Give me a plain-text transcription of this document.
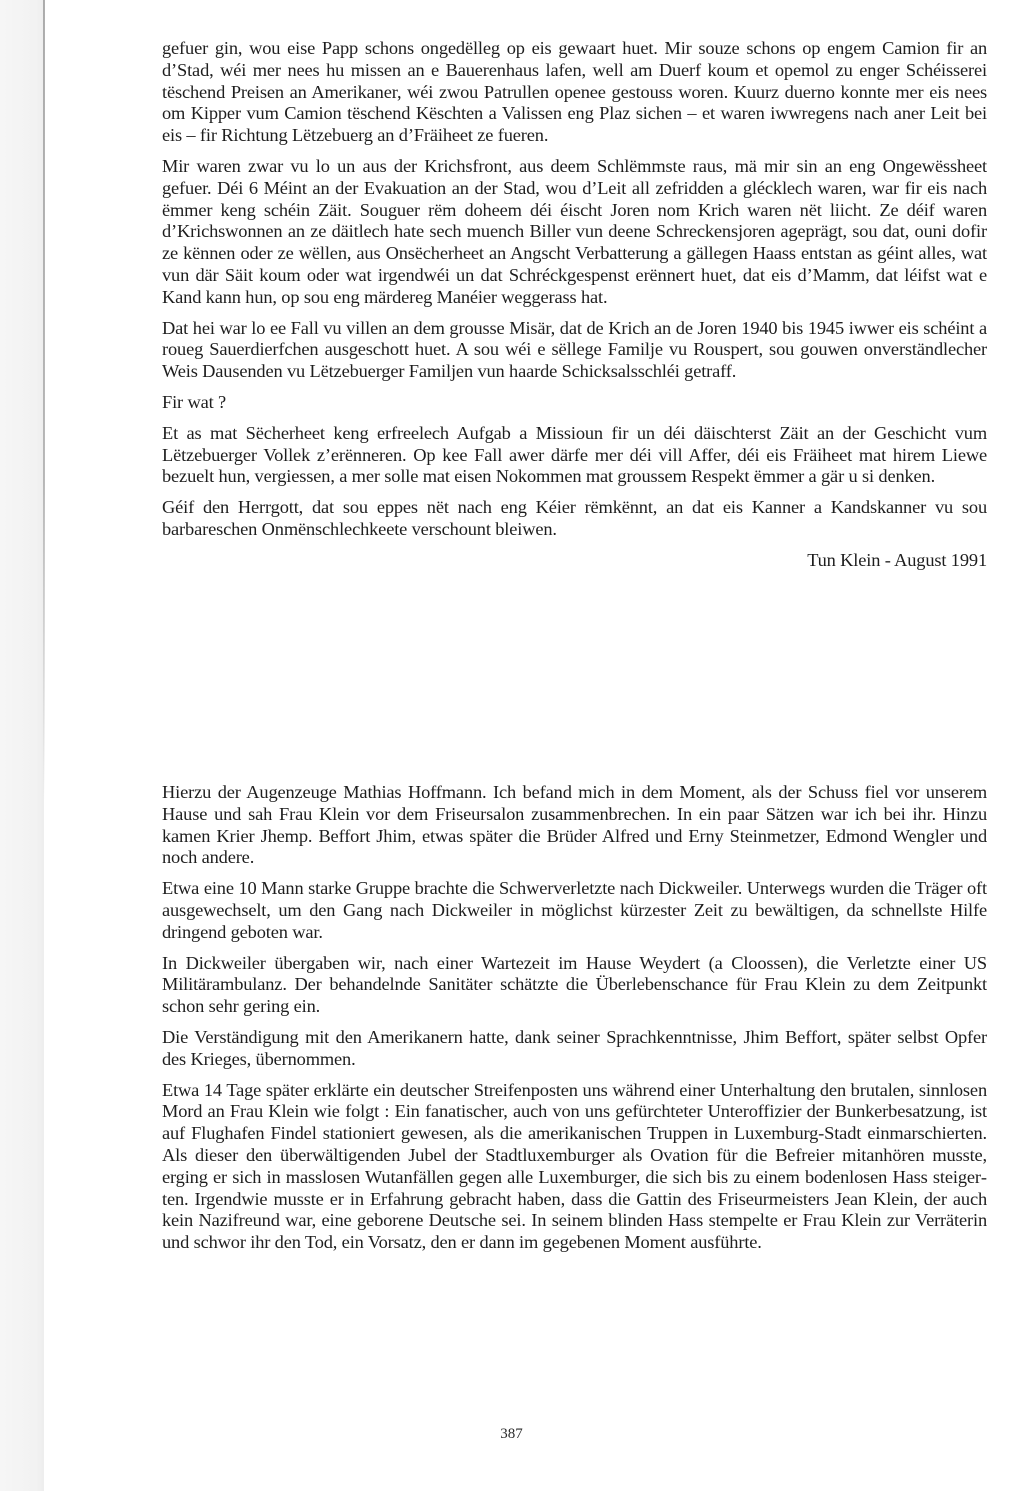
gefuer gin, wou eise Papp schons ongedëlleg op eis gewaart huet. Mir souze schons op engem Camion fir an d’Stad, wéi mer nees hu missen an e Bauerenhaus lafen, well am Duerf koum et opemol zu enger Schéisserei tëschend Preisen an Amerikaner, wéi zwou Patrullen openee gestouss woren. Kuurz duerno konnte mer eis nees om Kipper vum Camion tëschend Këschten a Valissen eng Plaz sichen – et waren iwwregens nach aner Leit bei eis – fir Richtung Lëtzebuerg an d’Fräiheet ze fueren.

Mir waren zwar vu lo un aus der Krichsfront, aus deem Schlëmmste raus, mä mir sin an eng Ongewëssheet gefuer. Déi 6 Méint an der Evakuation an der Stad, wou d’Leit all zefridden a glécklech waren, war fir eis nach ëmmer keng schéin Zäit. Souguer rëm doheem déi éischt Joren nom Krich waren nët liicht. Ze déif waren d’Krichswonnen an ze däitlech hate sech muench Biller vun deene Schreckensjoren ageprägt, sou dat, ouni dofir ze kënnen oder ze wëllen, aus Onsëcherheet an Angscht Verbatterung a gällegen Haass entstan as géint alles, wat vun där Säit koum oder wat irgendwéi un dat Schréckgespenst erënnert huet, dat eis d’Mamm, dat léifst wat e Kand kann hun, op sou eng märdereg Manéier weggerass hat.

Dat hei war lo ee Fall vu villen an dem grousse Misär, dat de Krich an de Joren 1940 bis 1945 iwwer eis schéint a roueg Sauerdierfchen ausgeschott huet. A sou wéi e sëllege Familje vu Rouspert, sou gouwen onverständlecher Weis Dausenden vu Lëtzebuerger Familjen vun haarde Schicksalsschléi getraff.

Fir wat ?

Et as mat Sëcherheet keng erfreelech Aufgab a Missioun fir un déi däischterst Zäit an der Geschicht vum Lëtzebuerger Vollek z’erënneren. Op kee Fall awer därfe mer déi vill Affer, déi eis Fräiheet mat hirem Liewe bezuelt hun, vergiessen, a mer solle mat eisen Nokommen mat groussem Respekt ëmmer a gär u si denken.

Géif den Herrgott, dat sou eppes nët nach eng Kéier rëmkënnt, an dat eis Kanner a Kandskanner vu sou barbareschen Onmënschlechkeete verschount bleiwen.

Tun Klein - August 1991

Hierzu der Augenzeuge Mathias Hoffmann. Ich befand mich in dem Moment, als der Schuss fiel vor unserem Hause und sah Frau Klein vor dem Friseursalon zusammenbrechen. In ein paar Sätzen war ich bei ihr. Hinzu kamen Krier Jhemp. Beffort Jhim, etwas später die Brüder Alfred und Erny Steinmetzer, Edmond Wengler und noch andere.

Etwa eine 10 Mann starke Gruppe brachte die Schwerverletzte nach Dickweiler. Unterwegs wurden die Träger oft ausgewechselt, um den Gang nach Dickweiler in möglichst kürzester Zeit zu bewältigen, da schnellste Hilfe dringend geboten war.

In Dickweiler übergaben wir, nach einer Wartezeit im Hause Weydert (a Cloossen), die Verletzte einer US Militärambulanz. Der behandelnde Sanitäter schätzte die Überlebenschance für Frau Klein zu dem Zeitpunkt schon sehr gering ein.

Die Verständigung mit den Amerikanern hatte, dank seiner Sprachkenntnisse, Jhim Beffort, später selbst Opfer des Krieges, übernommen.

Etwa 14 Tage später erklärte ein deutscher Streifenposten uns während einer Unterhaltung den brutalen, sinnlosen Mord an Frau Klein wie folgt : Ein fanatischer, auch von uns gefürchteter Unteroffizier der Bunkerbesatzung, ist auf Flughafen Findel stationiert gewesen, als die amerikanischen Truppen in Luxemburg-Stadt einmarschierten. Als dieser den überwältigenden Jubel der Stadtluxemburger als Ovation für die Befreier mitanhören musste, erging er sich in masslosen Wutanfällen gegen alle Luxemburger, die sich bis zu einem bodenlosen Hass steigerten. Irgendwie musste er in Erfahrung gebracht haben, dass die Gattin des Friseurmeisters Jean Klein, der auch kein Nazifreund war, eine geborene Deutsche sei. In seinem blinden Hass stempelte er Frau Klein zur Verräterin und schwor ihr den Tod, ein Vorsatz, den er dann im gegebenen Moment ausführte.

387
